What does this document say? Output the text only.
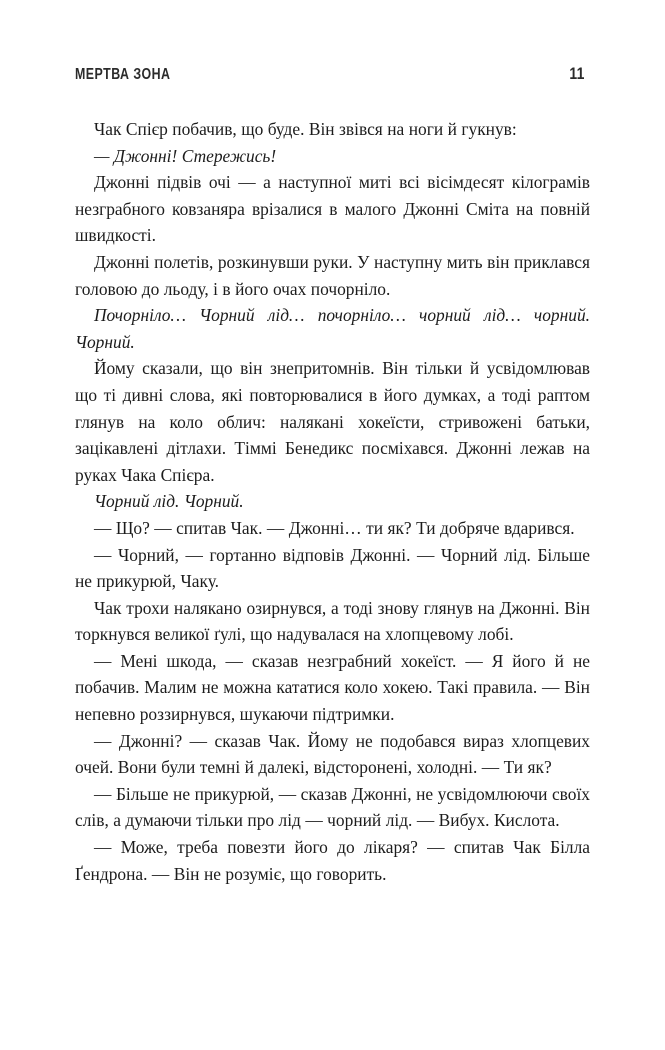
МЕРТВА ЗОНА	11

Чак Спієр побачив, що буде. Він звівся на ноги й гукнув:

— Джонні! Стережись!

Джонні підвів очі — а наступної миті всі вісімдесят кілограмів незграбного ковзаняра врізалися в малого Джонні Сміта на повній швидкості.

Джонні полетів, розкинувши руки. У наступну мить він приклався головою до льоду, і в його очах почорніло.

Почорніло… Чорний лід… почорніло… чорний лід… чорний. Чорний.

Йому сказали, що він знепритомнів. Він тільки й усвідомлював що ті дивні слова, які повторювалися в його думках, а тоді раптом глянув на коло облич: налякані хокеїсти, стривожені батьки, зацікавлені дітлахи. Тіммі Бенедикс посміхався. Джонні лежав на руках Чака Спієра.

Чорний лід. Чорний.

— Що? — спитав Чак. — Джонні… ти як? Ти добряче вдарився.

— Чорний, — гортанно відповів Джонні. — Чорний лід. Більше не прикурюй, Чаку.

Чак трохи налякано озирнувся, а тоді знову глянув на Джонні. Він торкнувся великої ґулі, що надувалася на хлопцевому лобі.

— Мені шкода, — сказав незграбний хокеїст. — Я його й не побачив. Малим не можна кататися коло хокею. Такі правила. — Він непевно роззирнувся, шукаючи підтримки.

— Джонні? — сказав Чак. Йому не подобався вираз хлопцевих очей. Вони були темні й далекі, відсторонені, холодні. — Ти як?

— Більше не прикурюй, — сказав Джонні, не усвідомлюючи своїх слів, а думаючи тільки про лід — чорний лід. — Вибух. Кислота.

— Може, треба повезти його до лікаря? — спитав Чак Білла Ґендрона. — Він не розуміє, що говорить.
